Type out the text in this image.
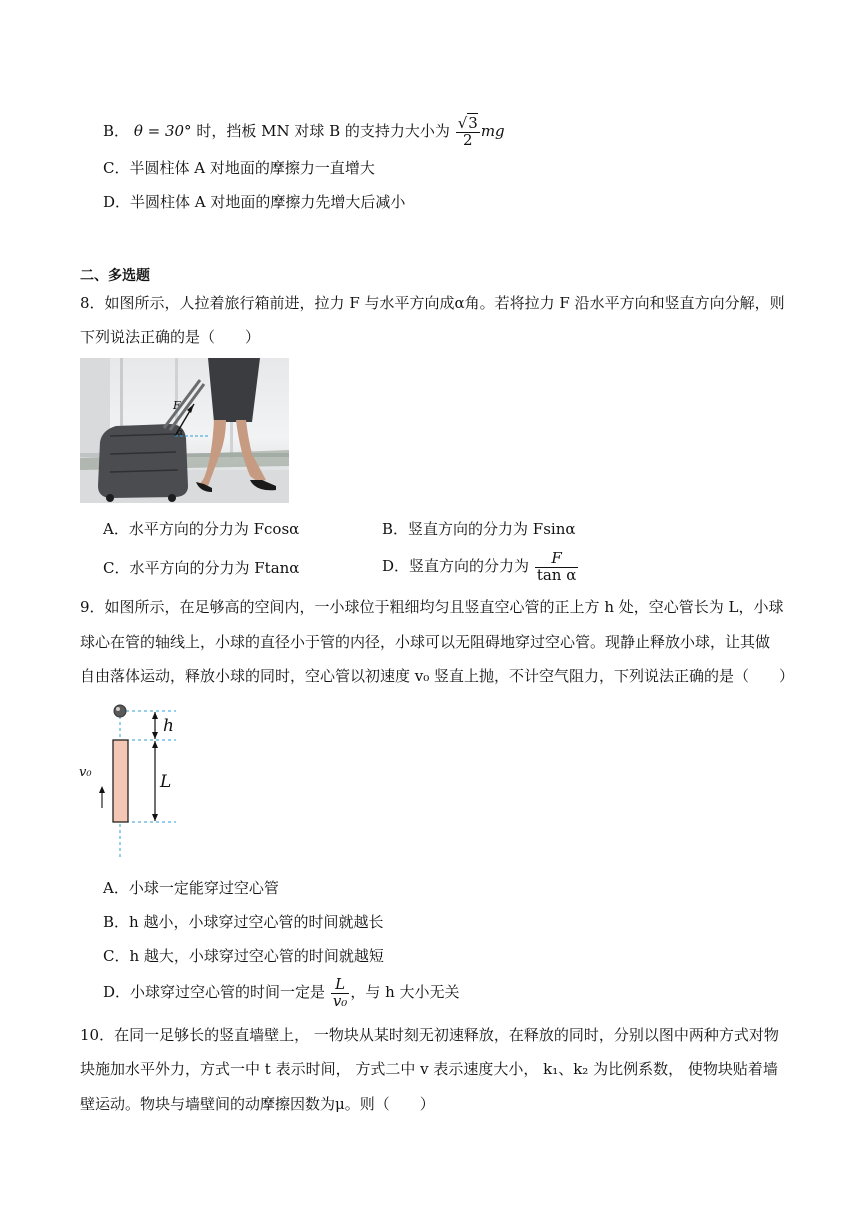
B． θ = 30° 时，挡板 MN 对球 B 的支持力大小为 $\frac{√3}{2}$ mg
C．半圆柱体 A 对地面的摩擦力一直增大
D．半圆柱体 A 对地面的摩擦力先增大后减小
二、多选题
8．如图所示，人拉着旅行箱前进，拉力 F 与水平方向成α角。若将拉力 F 沿水平方向和竖直方向分解，则
下列说法正确的是（　　）
F
α
A．水平方向的分力为 Fcosα	B．竖直方向的分力为 Fsinα
C．水平方向的分力为 Ftanα	D．竖直方向的分力为 $\frac{F}{\text{tan α}}$
9．如图所示，在足够高的空间内，一小球位于粗细均匀且竖直空心管的正上方 h 处，空心管长为 L，小球
球心在管的轴线上，小球的直径小于管的内径，小球可以无阻碍地穿过空心管。现静止释放小球，让其做
自由落体运动，释放小球的同时，空心管以初速度 v₀ 竖直上抛，不计空气阻力，下列说法正确的是（　　）
h
L
v₀
A．小球一定能穿过空心管
B．h 越小，小球穿过空心管的时间就越长
C．h 越大，小球穿过空心管的时间就越短
D．小球穿过空心管的时间一定是 $\frac{L}{\text{v₀}}$ ，与 h 大小无关
10．在同一足够长的竖直墙壁上， 一物块从某时刻无初速释放，在释放的同时，分别以图中两种方式对物
块施加水平外力，方式一中 t 表示时间， 方式二中 v 表示速度大小， k₁、k₂ 为比例系数， 使物块贴着墙
壁运动。物块与墙壁间的动摩擦因数为μ。则（　　）
